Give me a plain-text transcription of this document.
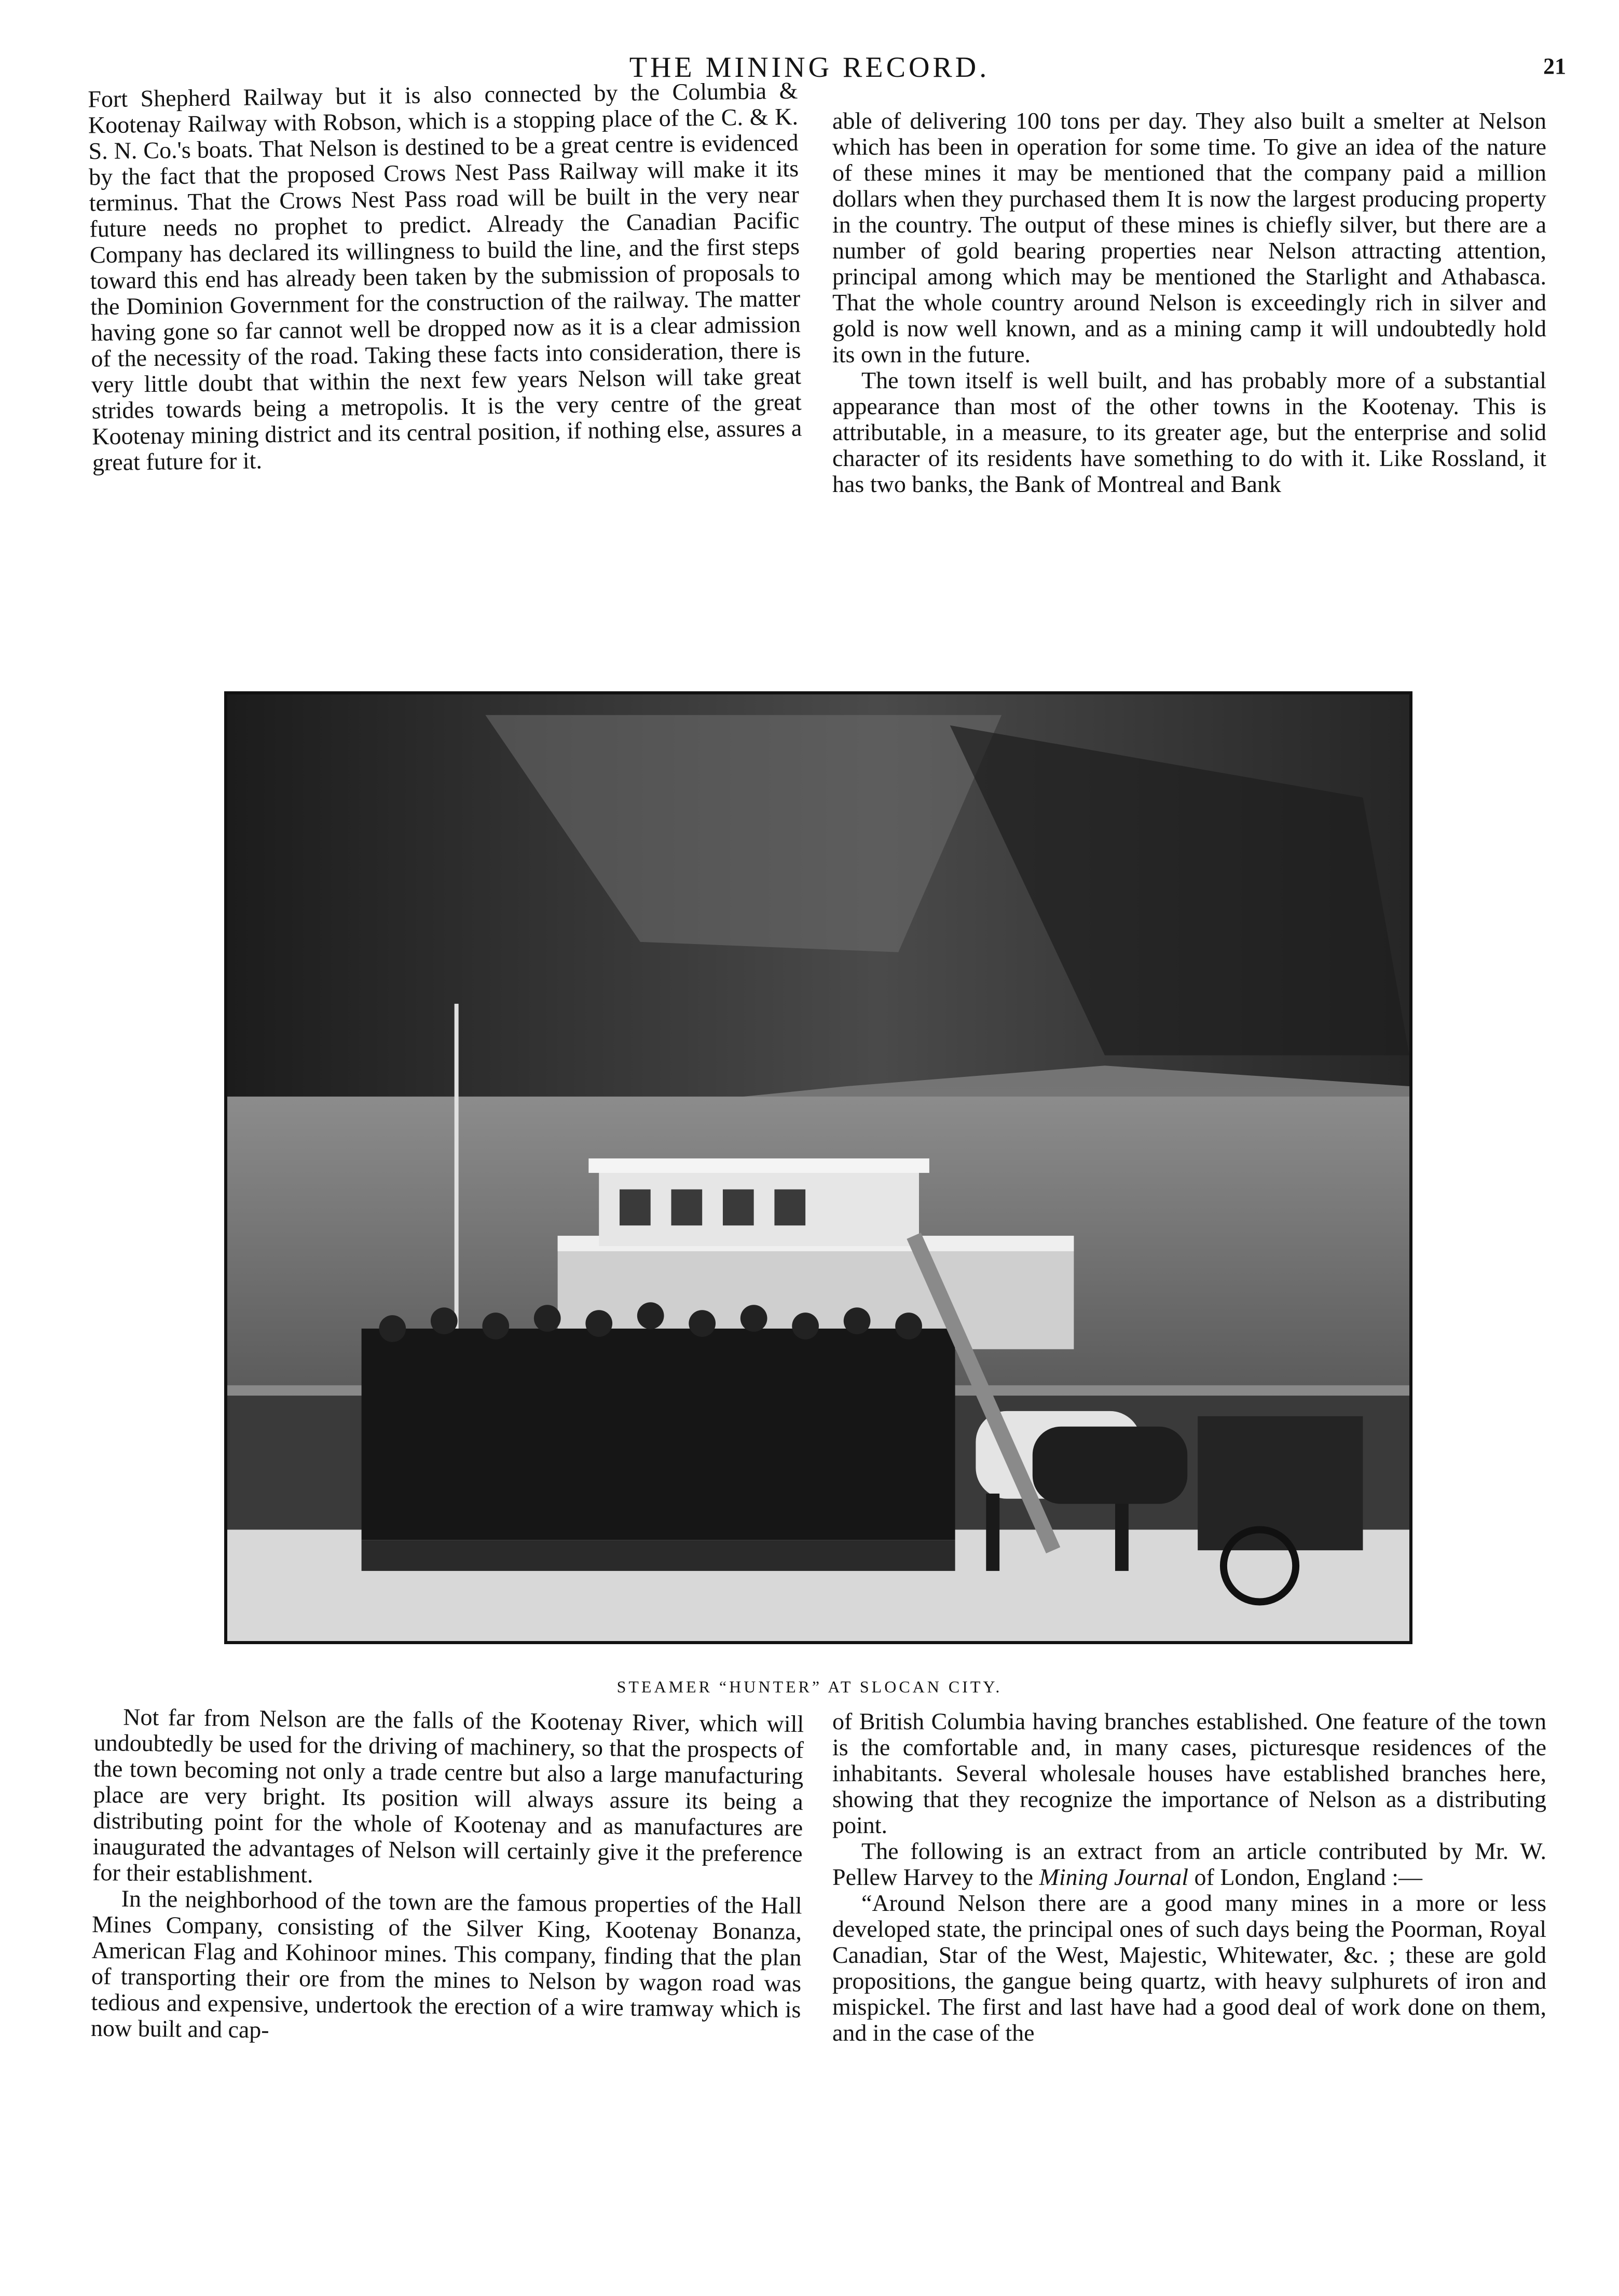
THE MINING RECORD.	21

Fort Shepherd Railway but it is also connected by the Columbia & Kootenay Railway with Robson, which is a stopping place of the C. & K. S. N. Co.'s boats. That Nelson is destined to be a great centre is evidenced by the fact that the proposed Crows Nest Pass Railway will make it its terminus. That the Crows Nest Pass road will be built in the very near future needs no prophet to predict. Already the Canadian Pacific Company has declared its willingness to build the line, and the first steps toward this end has already been taken by the submission of proposals to the Dominion Government for the construction of the railway. The matter having gone so far cannot well be dropped now as it is a clear admission of the necessity of the road. Taking these facts into consideration, there is very little doubt that within the next few years Nelson will take great strides towards being a metropolis. It is the very centre of the great Kootenay mining district and its central position, if nothing else, assures a great future for it.

able of delivering 100 tons per day. They also built a smelter at Nelson which has been in operation for some time. To give an idea of the nature of these mines it may be mentioned that the company paid a million dollars when they purchased them It is now the largest producing property in the country. The output of these mines is chiefly silver, but there are a number of gold bearing properties near Nelson attracting attention, principal among which may be mentioned the Starlight and Athabasca. That the whole country around Nelson is exceedingly rich in silver and gold is now well known, and as a mining camp it will undoubtedly hold its own in the future.

The town itself is well built, and has probably more of a substantial appearance than most of the other towns in the Kootenay. This is attributable, in a measure, to its greater age, but the enterprise and solid character of its residents have something to do with it. Like Rossland, it has two banks, the Bank of Montreal and Bank

STEAMER “HUNTER” AT SLOCAN CITY.

Not far from Nelson are the falls of the Kootenay River, which will undoubtedly be used for the driving of machinery, so that the prospects of the town becoming not only a trade centre but also a large manufacturing place are very bright. Its position will always assure its being a distributing point for the whole of Kootenay and as manufactures are inaugurated the advantages of Nelson will certainly give it the preference for their establishment.

In the neighborhood of the town are the famous properties of the Hall Mines Company, consisting of the Silver King, Kootenay Bonanza, American Flag and Kohinoor mines. This company, finding that the plan of transporting their ore from the mines to Nelson by wagon road was tedious and expensive, undertook the erection of a wire tramway which is now built and cap-

of British Columbia having branches established. One feature of the town is the comfortable and, in many cases, picturesque residences of the inhabitants. Several wholesale houses have established branches here, showing that they recognize the importance of Nelson as a distributing point.

The following is an extract from an article contributed by Mr. W. Pellew Harvey to the Mining Journal of London, England :—

“Around Nelson there are a good many mines in a more or less developed state, the principal ones of such days being the Poorman, Royal Canadian, Star of the West, Majestic, Whitewater, &c. ; these are gold propositions, the gangue being quartz, with heavy sulphurets of iron and mispickel. The first and last have had a good deal of work done on them, and in the case of the
